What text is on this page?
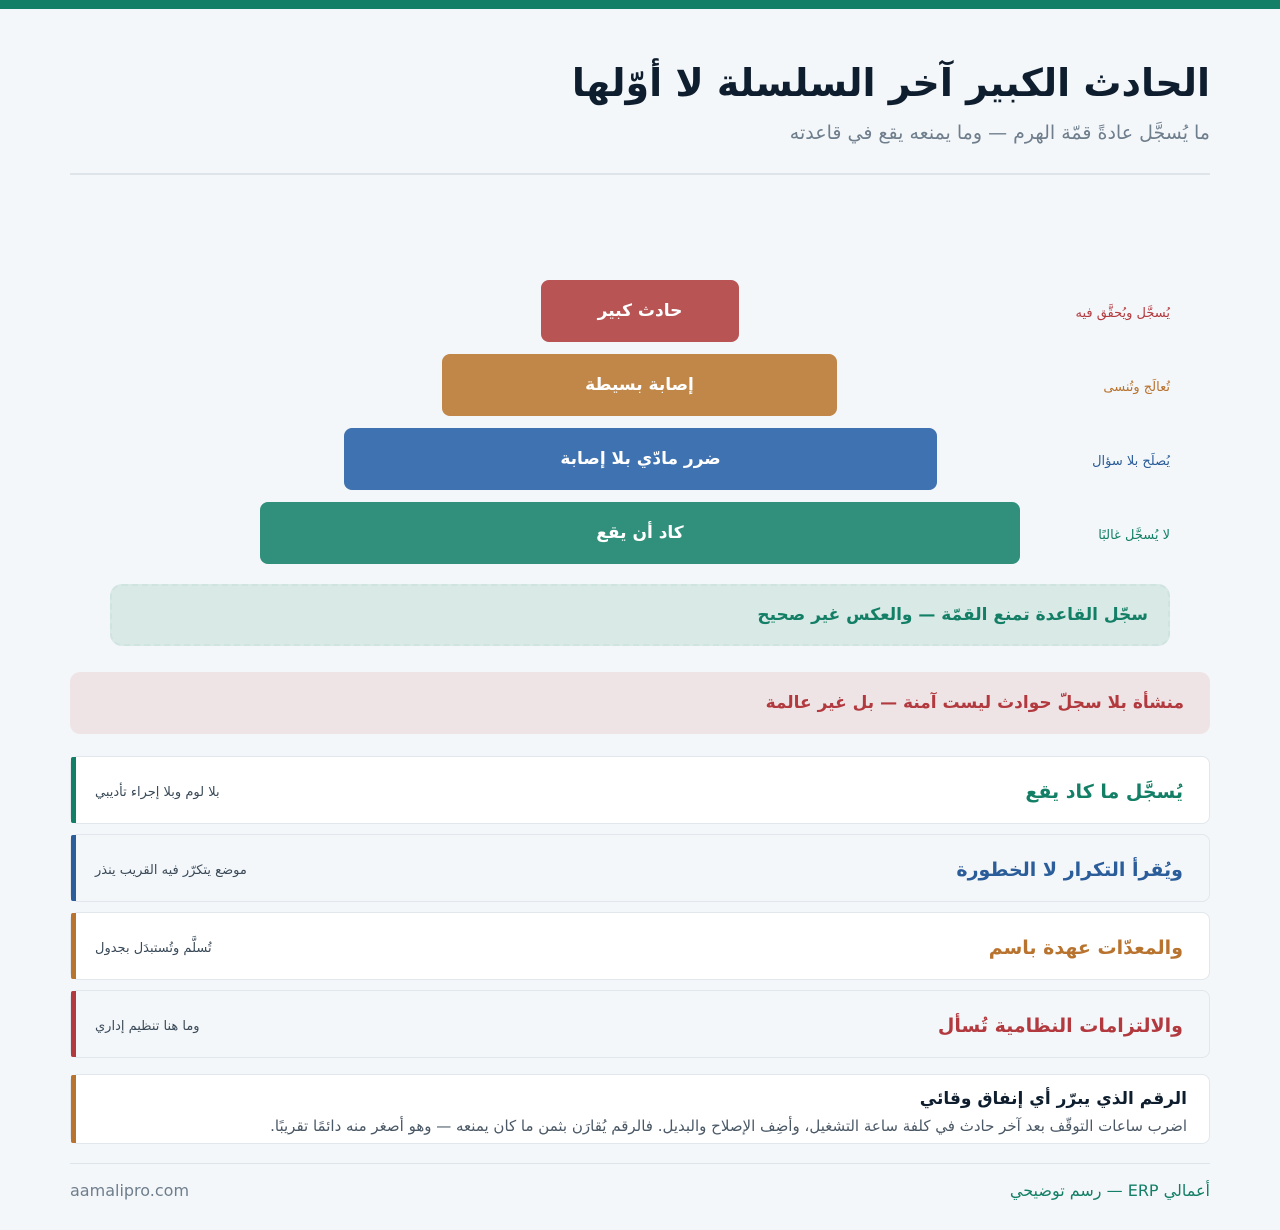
الحادث الكبير آخر السلسلة لا أوّلها
ما يُسجَّل عادةً قمّة الهرم — وما يمنعه يقع في قاعدته
حادث كبير	يُسجَّل ويُحقَّق فيه
إصابة بسيطة	تُعالَج وتُنسى
ضرر مادّي بلا إصابة	يُصلَح بلا سؤال
كاد أن يقع	لا يُسجَّل غالبًا
سجّل القاعدة تمنع القمّة — والعكس غير صحيح
منشأة بلا سجلّ حوادث ليست آمنة — بل غير عالمة
يُسجَّل ما كاد يقع
بلا لوم وبلا إجراء تأديبي
ويُقرأ التكرار لا الخطورة
موضع يتكرّر فيه القريب ينذر
والمعدّات عهدة باسم
تُسلَّم وتُستبدَل بجدول
والالتزامات النظامية تُسأل
وما هنا تنظيم إداري
الرقم الذي يبرّر أي إنفاق وقائي
اضرب ساعات التوقّف بعد آخر حادث في كلفة ساعة التشغيل، وأضِف الإصلاح والبديل. فالرقم يُقارَن بثمن ما كان يمنعه — وهو أصغر منه دائمًا تقريبًا.
أعمالي ERP — رسم توضيحي
aamalipro.com
